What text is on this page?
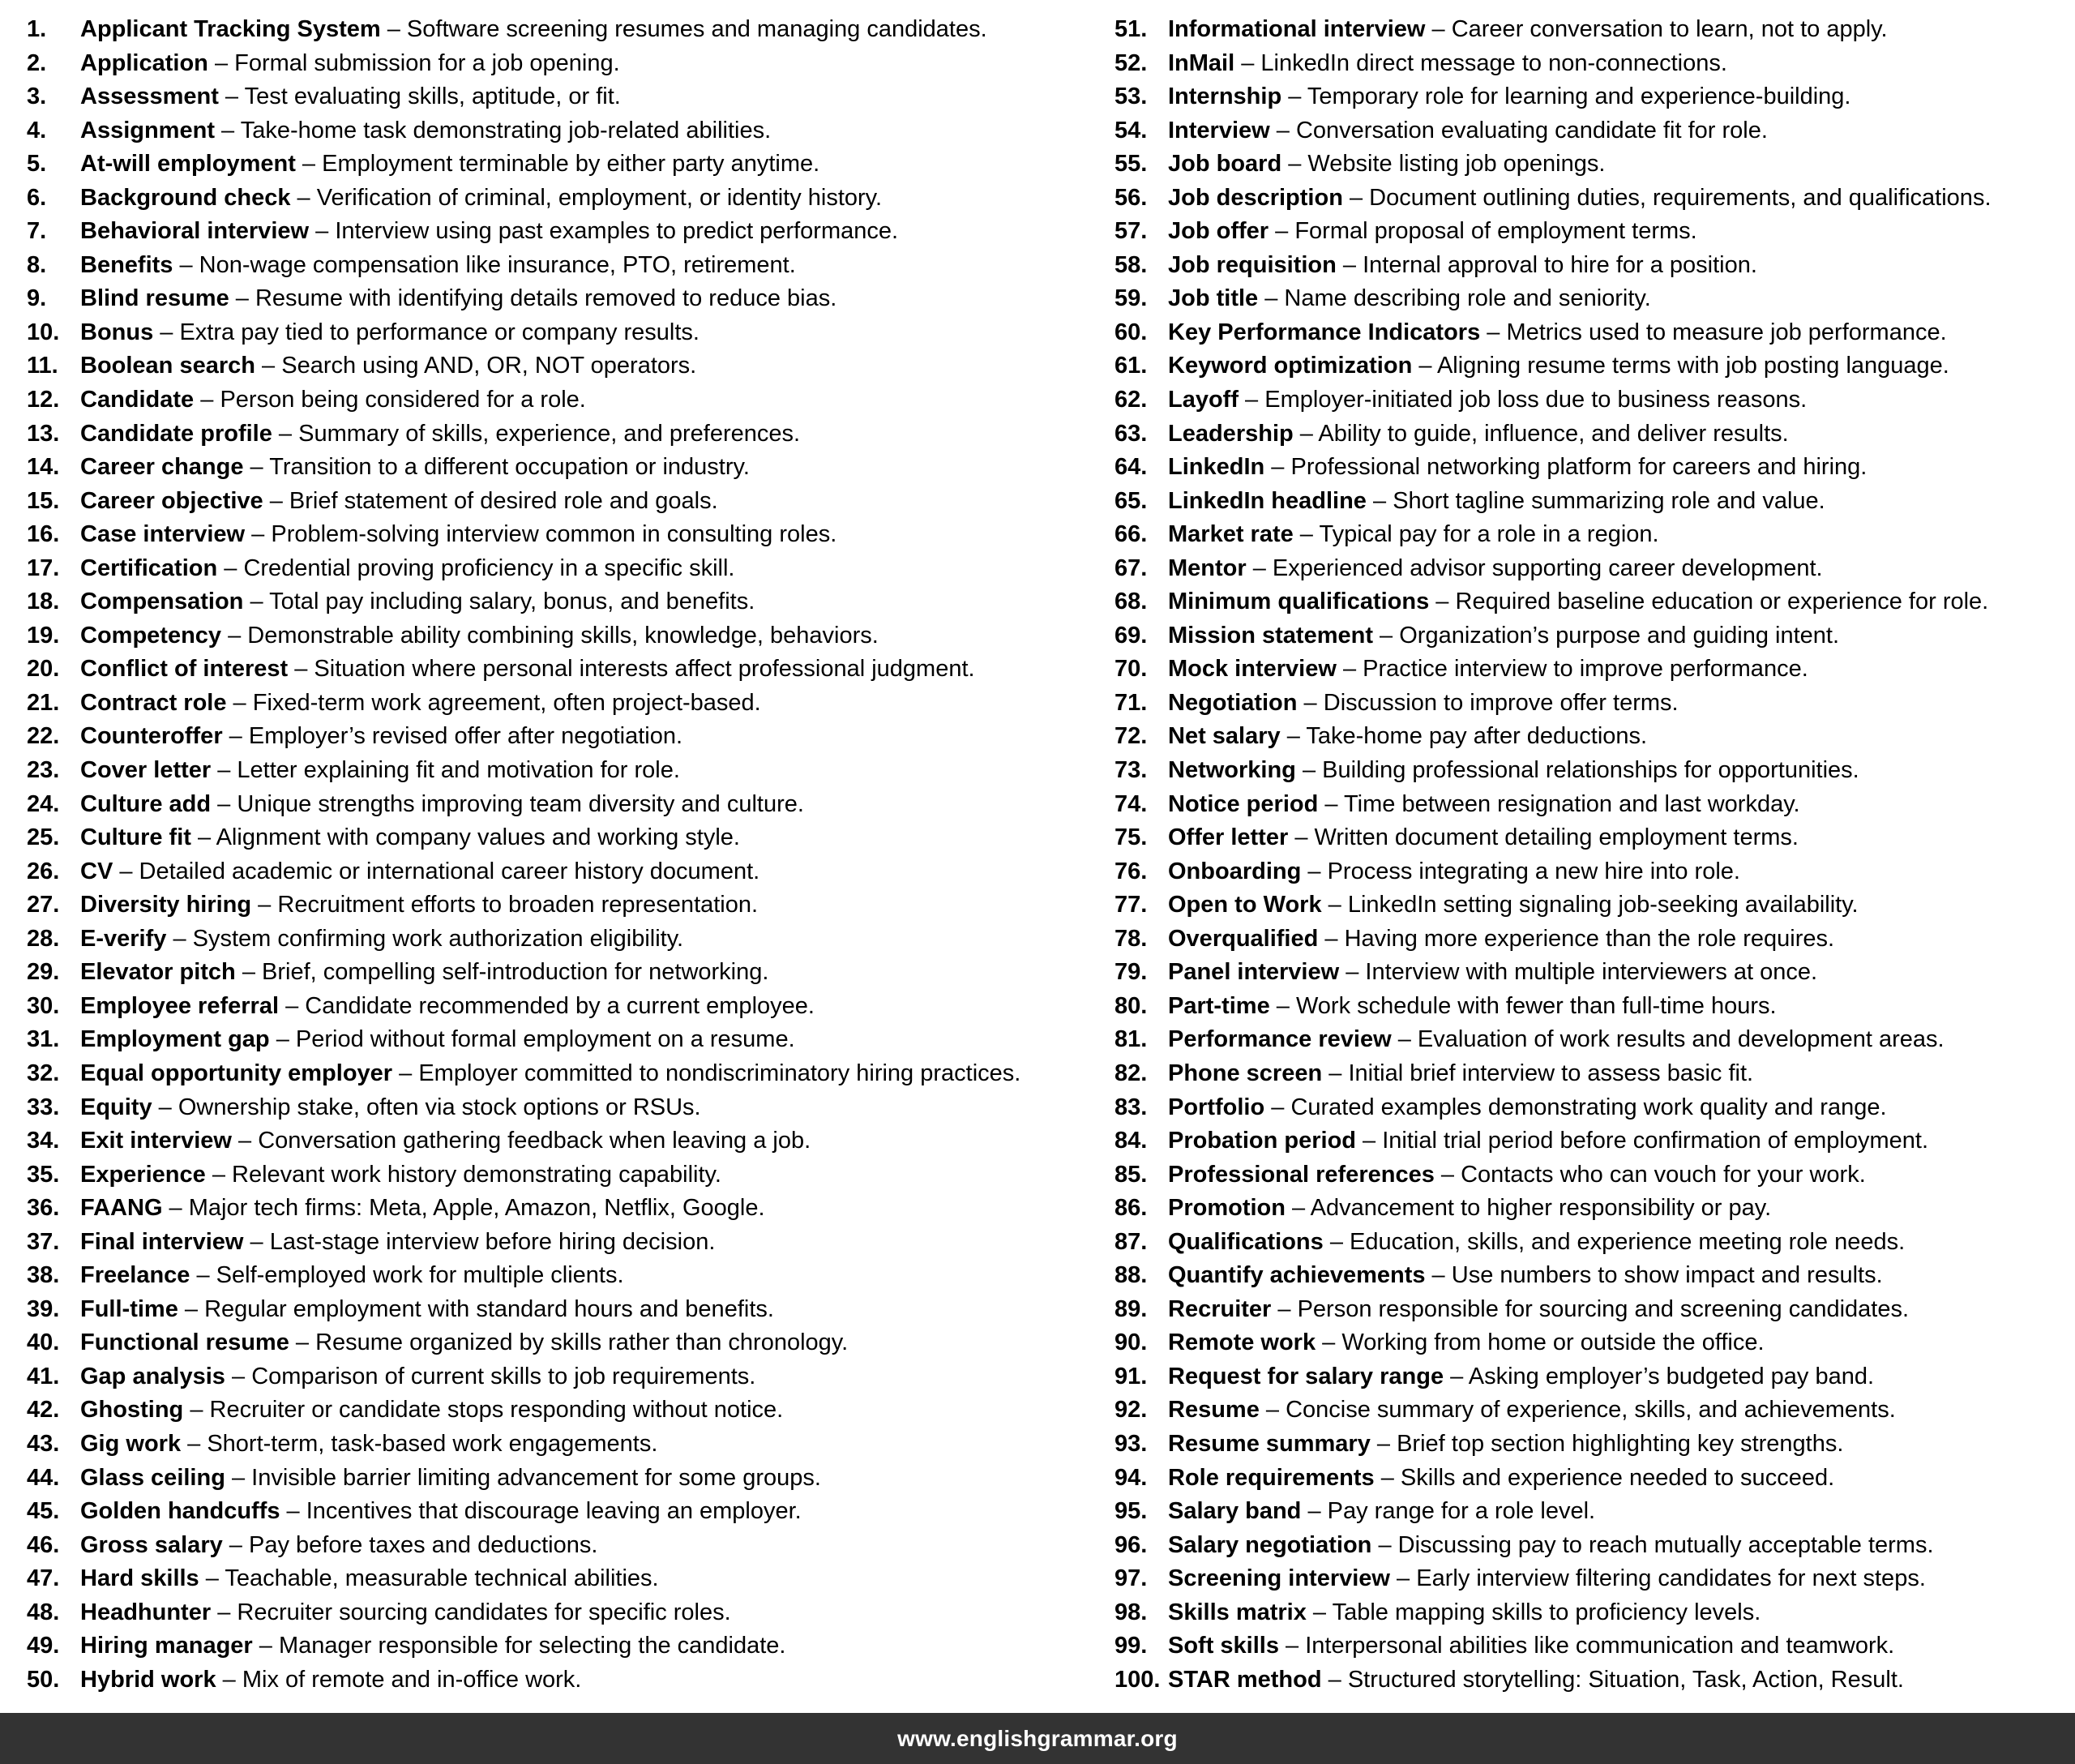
1.	Applicant Tracking System – Software screening resumes and managing candidates.
2.	Application – Formal submission for a job opening.
3.	Assessment – Test evaluating skills, aptitude, or fit.
4.	Assignment – Take-home task demonstrating job-related abilities.
5.	At-will employment – Employment terminable by either party anytime.
6.	Background check – Verification of criminal, employment, or identity history.
7.	Behavioral interview – Interview using past examples to predict performance.
8.	Benefits – Non-wage compensation like insurance, PTO, retirement.
9.	Blind resume – Resume with identifying details removed to reduce bias.
10. Bonus – Extra pay tied to performance or company results.
11. Boolean search – Search using AND, OR, NOT operators.
12. Candidate – Person being considered for a role.
13. Candidate profile – Summary of skills, experience, and preferences.
14. Career change – Transition to a different occupation or industry.
15. Career objective – Brief statement of desired role and goals.
16. Case interview – Problem-solving interview common in consulting roles.
17. Certification – Credential proving proficiency in a specific skill.
18. Compensation – Total pay including salary, bonus, and benefits.
19. Competency – Demonstrable ability combining skills, knowledge, behaviors.
20. Conflict of interest – Situation where personal interests affect professional judgment.
21. Contract role – Fixed-term work agreement, often project-based.
22. Counteroffer – Employer’s revised offer after negotiation.
23. Cover letter – Letter explaining fit and motivation for role.
24. Culture add – Unique strengths improving team diversity and culture.
25. Culture fit – Alignment with company values and working style.
26. CV – Detailed academic or international career history document.
27. Diversity hiring – Recruitment efforts to broaden representation.
28. E-verify – System confirming work authorization eligibility.
29. Elevator pitch – Brief, compelling self-introduction for networking.
30. Employee referral – Candidate recommended by a current employee.
31. Employment gap – Period without formal employment on a resume.
32. Equal opportunity employer – Employer committed to nondiscriminatory hiring practices.
33. Equity – Ownership stake, often via stock options or RSUs.
34. Exit interview – Conversation gathering feedback when leaving a job.
35. Experience – Relevant work history demonstrating capability.
36. FAANG – Major tech firms: Meta, Apple, Amazon, Netflix, Google.
37. Final interview – Last-stage interview before hiring decision.
38. Freelance – Self-employed work for multiple clients.
39. Full-time – Regular employment with standard hours and benefits.
40. Functional resume – Resume organized by skills rather than chronology.
41. Gap analysis – Comparison of current skills to job requirements.
42. Ghosting – Recruiter or candidate stops responding without notice.
43. Gig work – Short-term, task-based work engagements.
44. Glass ceiling – Invisible barrier limiting advancement for some groups.
45. Golden handcuffs – Incentives that discourage leaving an employer.
46. Gross salary – Pay before taxes and deductions.
47. Hard skills – Teachable, measurable technical abilities.
48. Headhunter – Recruiter sourcing candidates for specific roles.
49. Hiring manager – Manager responsible for selecting the candidate.
50. Hybrid work – Mix of remote and in-office work.
51. Informational interview – Career conversation to learn, not to apply.
52. InMail – LinkedIn direct message to non-connections.
53. Internship – Temporary role for learning and experience-building.
54. Interview – Conversation evaluating candidate fit for role.
55. Job board – Website listing job openings.
56. Job description – Document outlining duties, requirements, and qualifications.
57. Job offer – Formal proposal of employment terms.
58. Job requisition – Internal approval to hire for a position.
59. Job title – Name describing role and seniority.
60. Key Performance Indicators – Metrics used to measure job performance.
61. Keyword optimization – Aligning resume terms with job posting language.
62. Layoff – Employer-initiated job loss due to business reasons.
63. Leadership – Ability to guide, influence, and deliver results.
64. LinkedIn – Professional networking platform for careers and hiring.
65. LinkedIn headline – Short tagline summarizing role and value.
66. Market rate – Typical pay for a role in a region.
67. Mentor – Experienced advisor supporting career development.
68. Minimum qualifications – Required baseline education or experience for role.
69. Mission statement – Organization’s purpose and guiding intent.
70. Mock interview – Practice interview to improve performance.
71. Negotiation – Discussion to improve offer terms.
72. Net salary – Take-home pay after deductions.
73. Networking – Building professional relationships for opportunities.
74. Notice period – Time between resignation and last workday.
75. Offer letter – Written document detailing employment terms.
76. Onboarding – Process integrating a new hire into role.
77. Open to Work – LinkedIn setting signaling job-seeking availability.
78. Overqualified – Having more experience than the role requires.
79. Panel interview – Interview with multiple interviewers at once.
80. Part-time – Work schedule with fewer than full-time hours.
81. Performance review – Evaluation of work results and development areas.
82. Phone screen – Initial brief interview to assess basic fit.
83. Portfolio – Curated examples demonstrating work quality and range.
84. Probation period – Initial trial period before confirmation of employment.
85. Professional references – Contacts who can vouch for your work.
86. Promotion – Advancement to higher responsibility or pay.
87. Qualifications – Education, skills, and experience meeting role needs.
88. Quantify achievements – Use numbers to show impact and results.
89. Recruiter – Person responsible for sourcing and screening candidates.
90. Remote work – Working from home or outside the office.
91. Request for salary range – Asking employer’s budgeted pay band.
92. Resume – Concise summary of experience, skills, and achievements.
93. Resume summary – Brief top section highlighting key strengths.
94. Role requirements – Skills and experience needed to succeed.
95. Salary band – Pay range for a role level.
96. Salary negotiation – Discussing pay to reach mutually acceptable terms.
97. Screening interview – Early interview filtering candidates for next steps.
98. Skills matrix – Table mapping skills to proficiency levels.
99. Soft skills – Interpersonal abilities like communication and teamwork.
100. STAR method – Structured storytelling: Situation, Task, Action, Result.
www.englishgrammar.org
